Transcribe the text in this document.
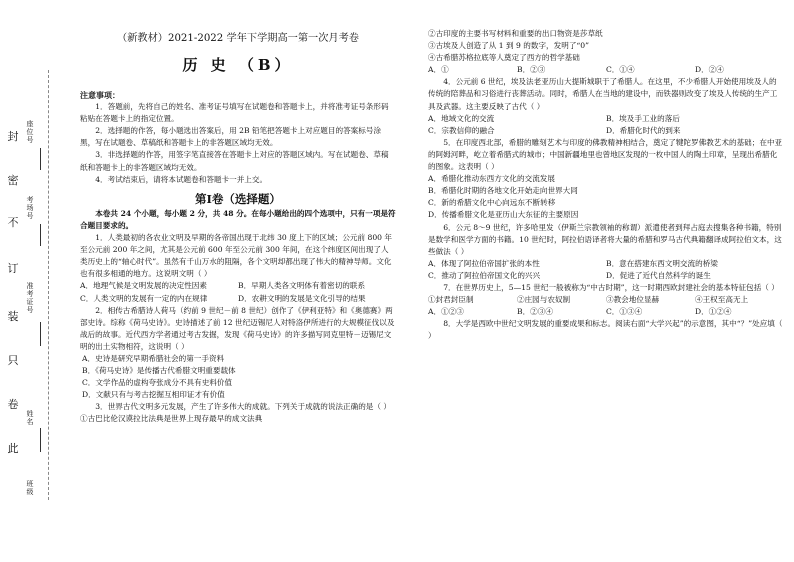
封
密
不
订
装
只
卷
此
座位号
考场号
准考证号
姓名
班级
（新教材）2021-2022 学年下学期高一第一次月考卷
历 史 （B）
注意事项：

1．答题前，先将自己的姓名、准考证号填写在试题卷和答题卡上，并将准考证号条形码粘贴在答题卡上的指定位置。

2．选择题的作答，每小题选出答案后，用 2B 铅笔把答题卡上对应题目的答案标号涂黑，写在试题卷、草稿纸和答题卡上的非答题区域均无效。

3．非选择题的作答，用签字笔直接答在答题卡上对应的答题区域内。写在试题卷、草稿纸和答题卡上的非答题区域均无效。

4．考试结束后，请将本试题卷和答题卡一并上交。

第Ⅰ卷（选择题）

本卷共 24 个小题，每小题 2 分，共 48 分。在每小题给出的四个选项中，只有一项是符合题目要求的。

1．人类最初的各农业文明及早期的各帝国出现于北纬 30 度上下的区域；公元前 800 年至公元前 200 年之间，尤其是公元前 600 年至公元前 300 年间，在这个纬度区间出现了人类历史上的“轴心时代”。虽然有千山万水的阻隔，各个文明却都出现了伟大的精神导师。文化也有很多相通的地方。这说明文明（ ）

A．地理气候是文明发展的决定性因素	B．早期人类各文明体有着密切的联系
C．人类文明的发展有一定的内在规律	D．农耕文明的发展是文化引导的结果

2．相传古希腊诗人荷马（约前 9 世纪－前 8 世纪）创作了《伊利亚特》和《奥德赛》两部史诗。综称《荷马史诗》。史诗描述了前 12 世纪迈锡尼人对特洛伊所进行的大规模征伐以及战后的故事。近代西方学者通过考古发掘，发现《荷马史诗》的许多描写同克里特－迈锡尼文明的出土实物相符，这说明（ ）

A．史诗是研究早期希腊社会的第一手资料

B．《荷马史诗》是传播古代希腊文明重要载体

C．文学作品的虚构夸张成分不具有史料价值

D．文献只有与考古挖掘互相印证才有价值

3．世界古代文明多元发展，产生了许多伟大的成就。下列关于成就的说法正确的是（ ）

①古巴比伦汉谟拉比法典是世界上现存最早的成文法典

②古印度的主要书写材料和重要的出口物资是莎草纸

③古埃及人创造了从 1 到 9 的数字，发明了“0”

④古希腊苏格拉底等人奠定了西方的哲学基础

A．①	B．②③	C．①④	D．②④

4．公元前 6 世纪，埃及法老亚历山大提斯城职于了希腊人。在这里，不少希腊人开始使用埃及人的传统的陪葬品和习俗进行丧葬活动。同时，希腊人在当地的建设中，而铁器则改变了埃及人传统的生产工具及武器。这主要反映了古代（ ）

A．地域文化的交流	B．埃及手工业的落后
C．宗教信仰的融合	D．希腊化时代的到来

5．在印度西北部，希腊的雕刻艺术与印度的佛教精神相结合，奠定了犍陀罗佛教艺术的基础；在中亚的阿姆河畔，屹立着希腊式的城市；中国新疆地里也曾地区发现的一枚中国人的陶土印章，呈现出希腊化的图象。这表明（ ）

A．希腊化推动东西方文化的交流发展

B．希腊化时期的各地文化开始走向世界大同

C．新的希腊文化中心向远东不断转移

D．传播希腊文化是亚历山大东征的主要原因

6．公元 8～9 世纪，许多哈里发（伊斯兰宗教领袖的称谓）派遣使者到拜占庭去搜集各种书籍，特别是数学和医学方面的书籍。10 世纪时，阿拉伯语译者将大量的希腊和罗马古代典籍翻译成阿拉伯文本，这些做法（ ）

A．体现了阿拉伯帝国扩张的本性	B．意在搭建东西文明交流的桥梁
C．推动了阿拉伯帝国文化的兴兴	D．促进了近代自然科学的诞生

7．在世界历史上，5—15 世纪一般被称为“中古时期”，这一时期西欧封建社会的基本特征包括（ ）

①封君封臣制	②庄园与农奴制	③教会地位显赫	④王权至高无上
A．①②③	B．②③④	C．①③④	D．①②④

8．大学是西欧中世纪文明发展的重要成果和标志。阅读右面“大学兴起”的示意图，其中“？”处应填（ ）
